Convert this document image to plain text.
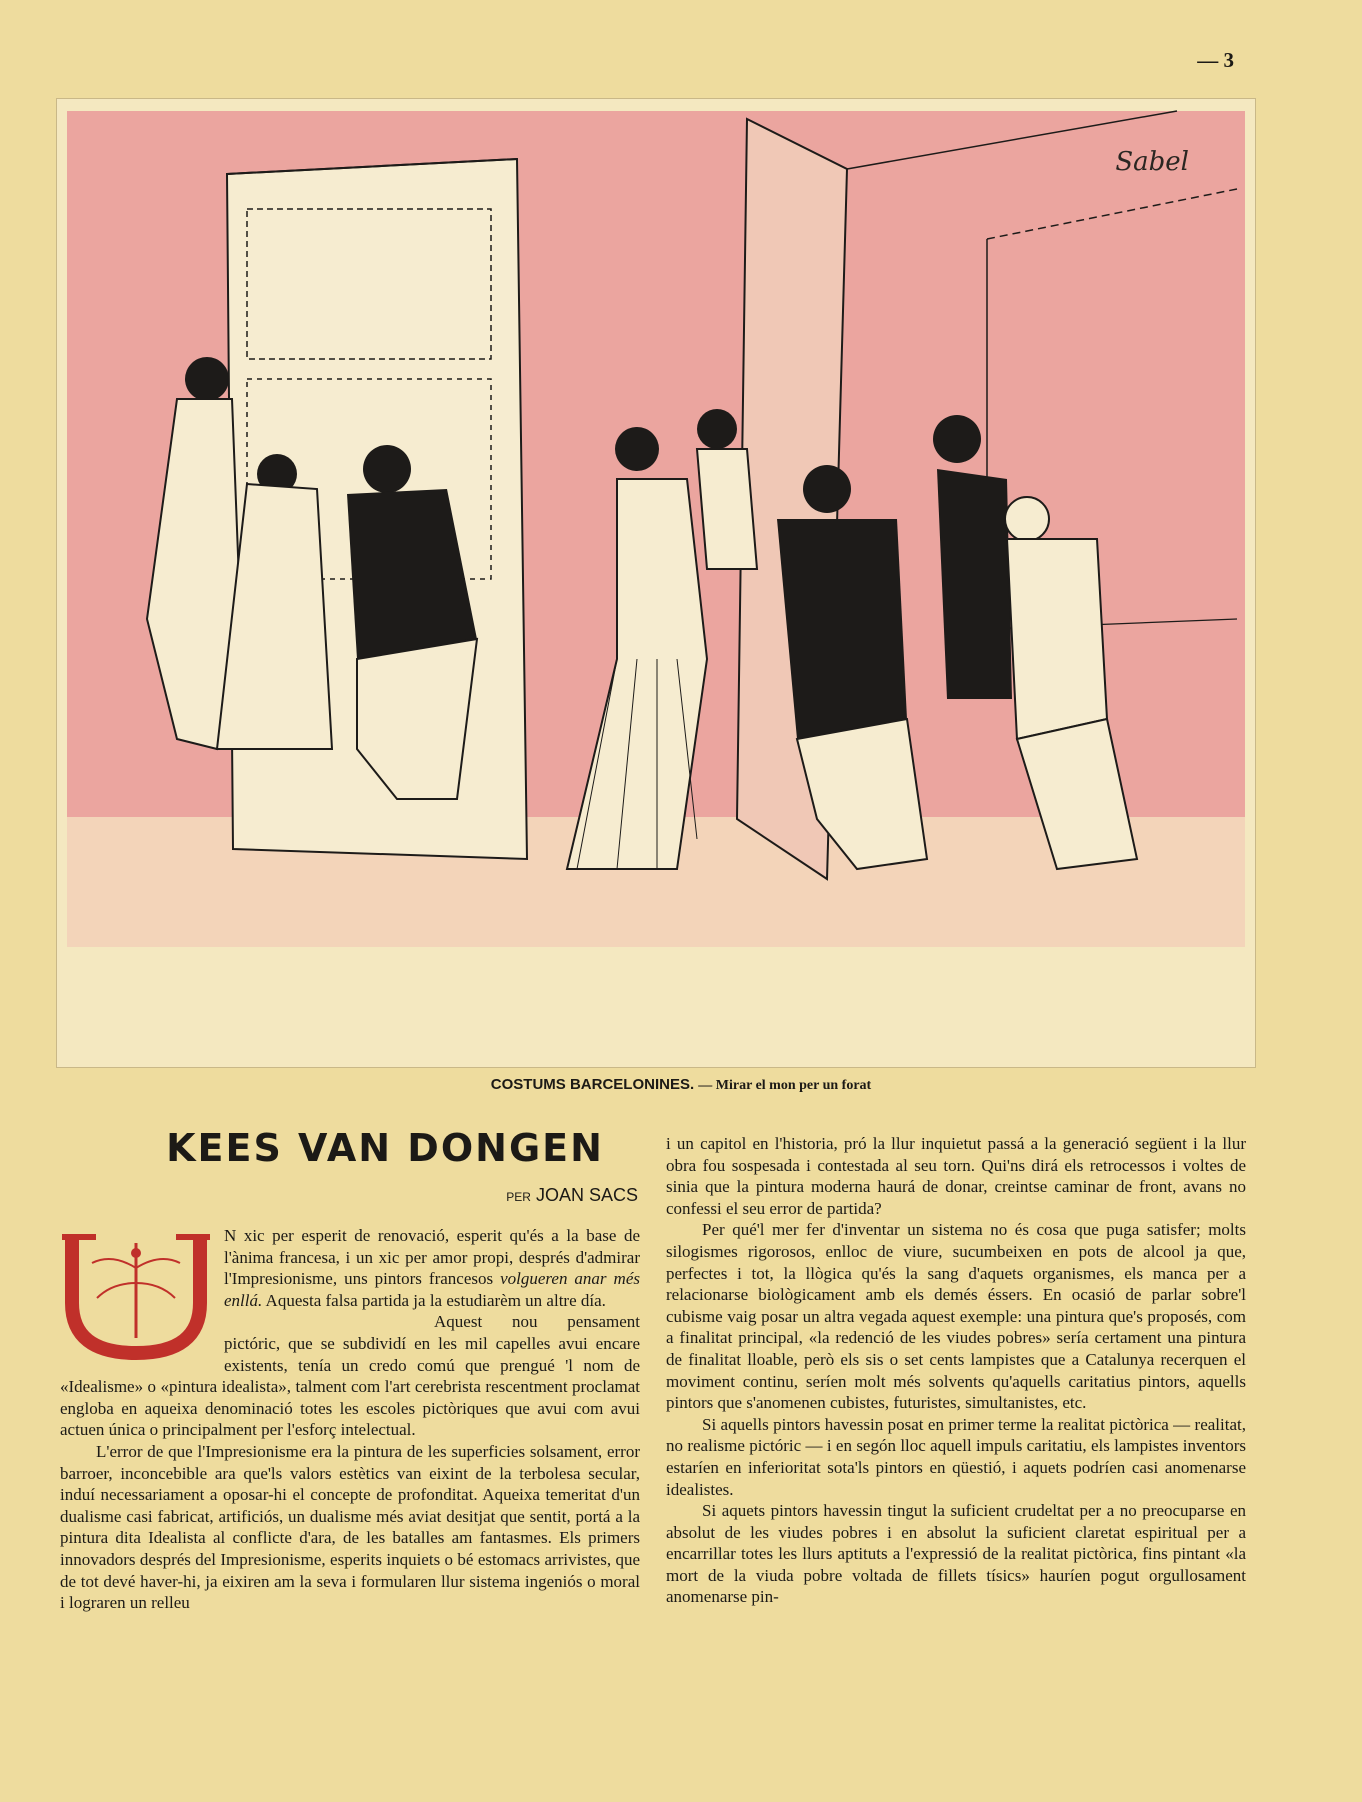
— 3
Sabel
COSTUMS BARCELONINES. — Mirar el mon per un forat
KEES VAN DONGEN
PER JOAN SACS

N xic per esperit de renovació, esperit qu'és a la base de l'ànima francesa, i un xic per amor propi, després d'admirar l'Impresionisme, uns pintors francesos volgueren anar més enllá. Aquesta falsa partida ja la estudiarèm un altre día.

Aquest nou pensament pictóric, que se subdividí en les mil capelles avui encare existents, tenía un credo comú que prengué 'l nom de «Idealisme» o «pintura idealista», talment com l'art cerebrista rescentment proclamat engloba en aqueixa denominació totes les escoles pictòriques que avui com avui actuen única o principalment per l'esforç intelectual.

L'error de que l'Impresionisme era la pintura de les superficies solsament, error barroer, inconcebible ara que'ls valors estètics van eixint de la terbolesa secular, induí necessariament a oposar-hi el concepte de profonditat. Aqueixa temeritat d'un dualisme casi fabricat, artificiós, un dualisme més aviat desitjat que sentit, portá a la pintura dita Idealista al conflicte d'ara, de les batalles am fantasmes. Els primers innovadors després del Impresionisme, esperits inquiets o bé estomacs arrivistes, que de tot devé haver-hi, ja eixiren am la seva i formularen llur sistema ingeniós o moral i lograren un relleu

i un capitol en l'historia, pró la llur inquietut passá a la generació següent i la llur obra fou sospesada i contestada al seu torn. Qui'ns dirá els retrocessos i voltes de sinia que la pintura moderna haurá de donar, creintse caminar de front, avans no confessi el seu error de partida?

Per qué'l mer fer d'inventar un sistema no és cosa que puga satisfer; molts silogismes rigorosos, enlloc de viure, sucumbeixen en pots de alcool ja que, perfectes i tot, la llògica qu'és la sang d'aquets organismes, els manca per a relacionarse biològicament amb els demés éssers. En ocasió de parlar sobre'l cubisme vaig posar un altra vegada aquest exemple: una pintura que's proposés, com a finalitat principal, «la redenció de les viudes pobres» sería certament una pintura de finalitat lloable, però els sis o set cents lampistes que a Catalunya recerquen el moviment continu, seríen molt més solvents qu'aquells caritatius pintors, aquells pintors que s'anomenen cubistes, futuristes, simultanistes, etc.

Si aquells pintors havessin posat en primer terme la realitat pictòrica — realitat, no realisme pictóric — i en segón lloc aquell impuls caritatiu, els lampistes inventors estaríen en inferioritat sota'ls pintors en qüestió, i aquets podríen casi anomenarse idealistes.

Si aquets pintors havessin tingut la suficient crudeltat per a no preocuparse en absolut de les viudes pobres i en absolut la suficient claretat espiritual per a encarrillar totes les llurs aptituts a l'expressió de la realitat pictòrica, fins pintant «la mort de la viuda pobre voltada de fillets tísics» hauríen pogut orgullosament anomenarse pin-
